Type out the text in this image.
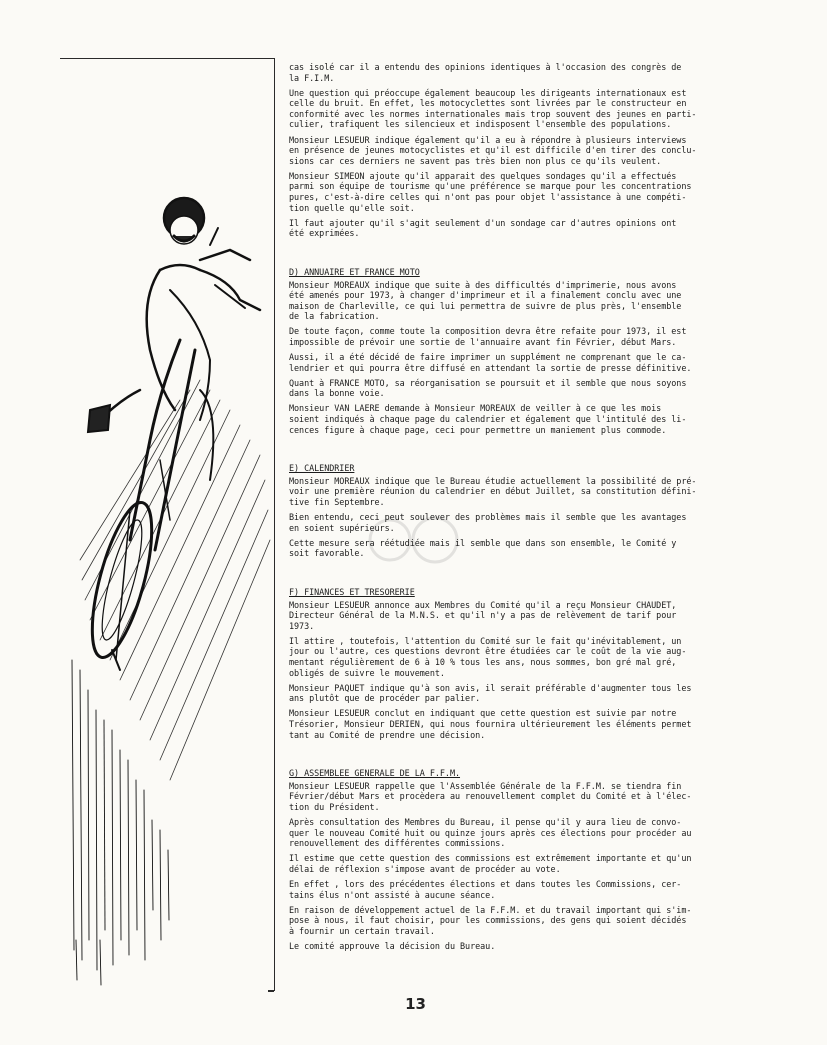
cas isolé car il a entendu des opinions identiques à l'occasion des congrès de
la F.I.M.

Une question qui préoccupe également beaucoup les dirigeants internationaux est
celle du bruit. En effet, les motocyclettes sont livrées par le constructeur en
conformité avec les normes internationales mais trop souvent des jeunes en parti-
culier, trafiquent les silencieux et indisposent l'ensemble des populations.

Monsieur LESUEUR indique également qu'il a eu à répondre à plusieurs interviews
en présence de jeunes motocyclistes et qu'il est difficile d'en tirer des conclu-
sions car ces derniers ne savent pas très bien non plus ce qu'ils veulent.

Monsieur SIMEON ajoute qu'il apparait des quelques sondages qu'il a effectués
parmi son équipe de tourisme qu'une préférence se marque pour les concentrations
pures, c'est-à-dire celles qui n'ont pas pour objet l'assistance à une compéti-
tion quelle qu'elle soit.

Il faut ajouter qu'il s'agit seulement d'un sondage car d'autres opinions ont
été exprimées.

D) ANNUAIRE ET FRANCE MOTO

Monsieur MOREAUX indique que suite à des difficultés d'imprimerie, nous avons
été amenés pour 1973, à changer d'imprimeur et il a finalement conclu avec une
maison de Charleville, ce qui lui permettra de suivre de plus près, l'ensemble
de la fabrication.

De toute façon, comme toute la composition devra être refaite pour 1973, il est
impossible de prévoir une sortie de l'annuaire avant fin Février, début Mars.

Aussi, il a été décidé de faire imprimer un supplément ne comprenant que le ca-
lendrier et qui pourra être diffusé en attendant la sortie de presse définitive.

Quant à FRANCE MOTO, sa réorganisation se poursuit et il semble que nous soyons
dans la bonne voie.

Monsieur VAN LAERE demande à Monsieur MOREAUX de veiller à ce que les mois
soient indiqués à chaque page du calendrier et également que l'intitulé des li-
cences figure à chaque page, ceci pour permettre un maniement plus commode.

E) CALENDRIER

Monsieur MOREAUX indique que le Bureau étudie actuellement la possibilité de pré-
voir une première réunion du calendrier en début Juillet, sa constitution défini-
tive fin Septembre.

Bien entendu, ceci peut soulever des problèmes mais il semble que les avantages
en soient supérieurs.

Cette mesure sera réétudiée mais il semble que dans son ensemble, le Comité y
soit favorable.

F) FINANCES ET TRESORERIE

Monsieur LESUEUR annonce aux Membres du Comité qu'il a reçu Monsieur CHAUDET,
Directeur Général de la M.N.S. et qu'il n'y a pas de relèvement de tarif pour
1973.

Il attire , toutefois, l'attention du Comité sur le fait qu'inévitablement, un
jour ou l'autre, ces questions devront être étudiées car le coût de la vie aug-
mentant régulièrement de 6 à 10 % tous les ans, nous sommes, bon gré mal gré,
obligés de suivre le mouvement.

Monsieur PAQUET indique qu'à son avis, il serait préférable d'augmenter tous les
ans plutôt que de procéder par palier.

Monsieur LESUEUR conclut en indiquant que cette question est suivie par notre
Trésorier, Monsieur DERIEN, qui nous fournira ultérieurement les éléments permet
tant au Comité de prendre une décision.

G) ASSEMBLEE GENERALE DE LA F.F.M.

Monsieur LESUEUR rappelle que l'Assemblée Générale de la F.F.M. se tiendra fin
Février/début Mars et procèdera au renouvellement complet du Comité et à l'élec-
tion du Président.

Après consultation des Membres du Bureau, il pense qu'il y aura lieu de convo-
quer le nouveau Comité huit ou quinze jours après ces élections pour procéder au
renouvellement des différentes commissions.

Il estime que cette question des commissions est extrêmement importante et qu'un
délai de réflexion s'impose avant de procéder au vote.

En effet , lors des précédentes élections et dans toutes les Commissions, cer-
tains élus n'ont assisté à aucune séance.

En raison de développement actuel de la F.F.M. et du travail important qui s'im-
pose à nous, il faut choisir, pour les commissions, des gens qui soient décidés
à fournir un certain travail.

Le comité approuve la décision du Bureau.

13
